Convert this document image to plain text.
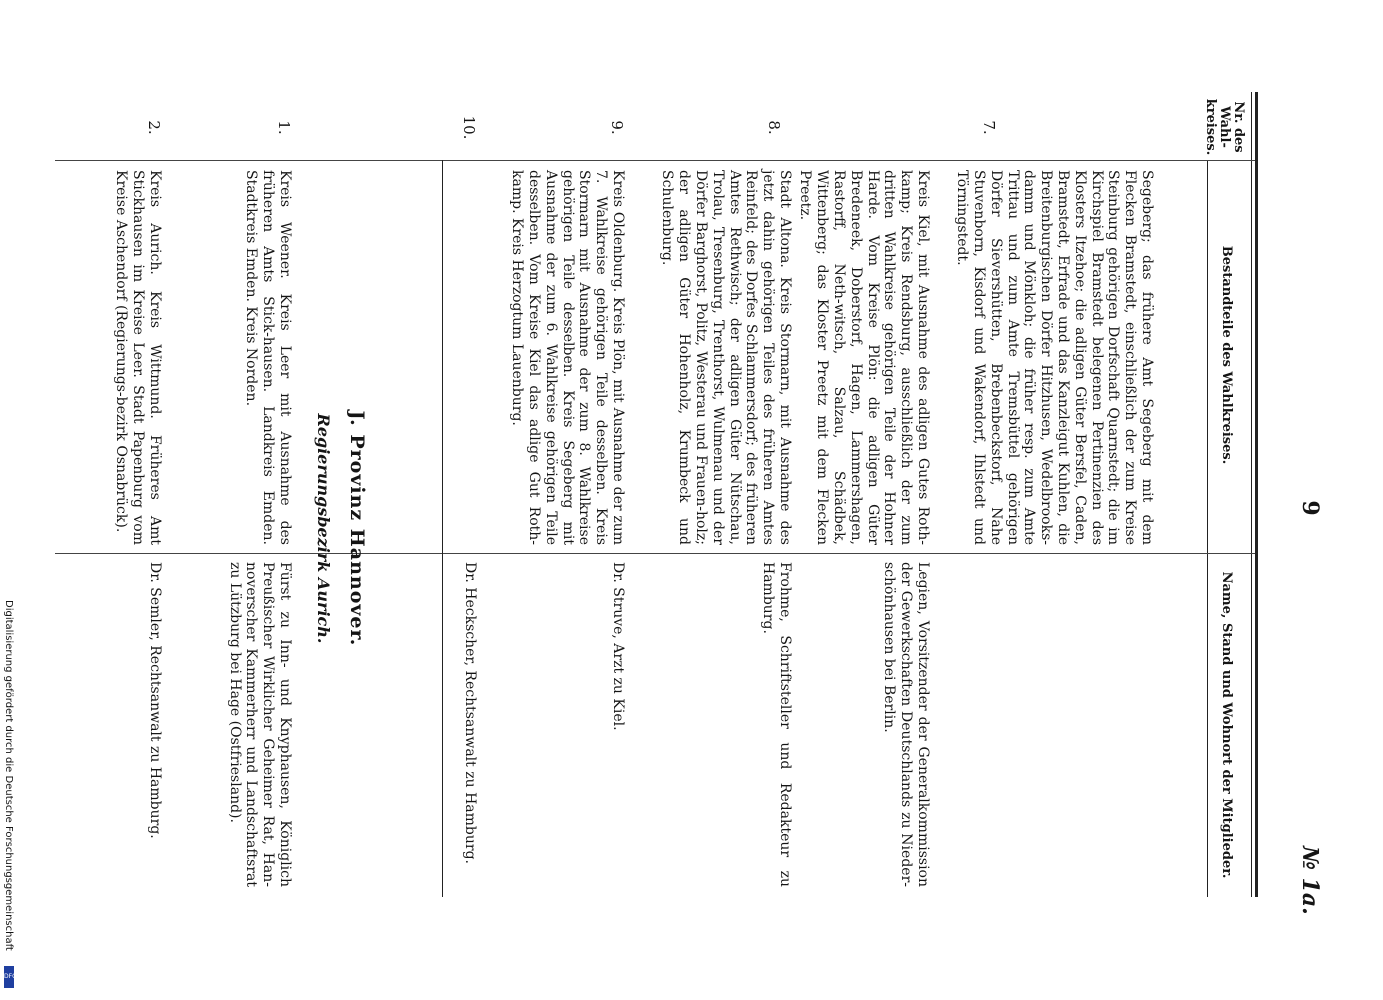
9
№ 1a.
Nr. des Wahl-kreises.
Bestandteile des Wahlkreises.
Name, Stand und Wohnort der Mitglieder.
7.
Segeberg; das frühere Amt Segeberg mit dem Flecken Bramstedt, einschließlich der zum Kreise Steinburg gehörigen Dorfschaft Quarnstedt; die im Kirchspiel Bramstedt belegenen Pertinenzien des Klosters Itzehoe; die adligen Güter Bersfel, Caden, Bramstedt, Erfrade und das Kanzleigut Kuhlen, die Breitenburgischen Dörfer Hitzhusen, Wedelbrooks-damm und Mönkloh; die früher resp. zum Amte Trittau und zum Amte Tremsbüttel gehörigen Dörfer Sievershütten, Brebenbeckstorf, Nahe Stuvenborn, Kisdorf und Wakendorf, Ihlstedt und Törningstedt.
Legien, Vorsitzender der Generalkommission der Gewerkschaften Deutschlands zu Nieder-schönhausen bei Berlin.
8.
Kreis Kiel, mit Ausnahme des adligen Gutes Roth-kamp; Kreis Rendsburg, ausschließlich der zum dritten Wahlkreise gehörigen Teile der Hohner Harde. Vom Kreise Plön: die adligen Güter Bredeneek, Doberstorf, Hagen, Lammershagen, Rastorff, Neth-witsch, Salzau, Schädbek, Wittenberg; das Kloster Preetz mit dem Flecken Preetz.
Frohme, Schriftsteller und Redakteur zu Hamburg.
9.
Stadt Altona. Kreis Stormarn, mit Ausnahme des jetzt dahin gehörigen Teiles des früheren Amtes Reinfeld; des Dorfes Schlammersdorf; des früheren Amtes Rethwisch; der adligen Güter Nütschau, Trolau, Tresenburg, Trenthorst, Wulmenau und der Dörfer Barghorst, Politz, Westerau und Frauen-holz; der adligen Güter Hohenholz, Krumbeck und Schulenburg.
Dr. Struve, Arzt zu Kiel.
10.
Kreis Oldenburg. Kreis Plön, mit Ausnahme der zum 7. Wahlkreise gehörigen Teile desselben. Kreis Stormarn mit Ausnahme der zum 8. Wahlkreise gehörigen Teile desselben. Kreis Segeberg mit Ausnahme der zum 6. Wahlkreise gehörigen Teile desselben. Vom Kreise Kiel das adlige Gut Roth-kamp. Kreis Herzogtum Lauenburg.
Dr. Heckscher, Rechtsanwalt zu Hamburg.
J. Provinz Hannover.
Regierungsbezirk Aurich.
1.
Kreis Weener. Kreis Leer mit Ausnahme des früheren Amts Stick-hausen. Landkreis Emden. Stadtkreis Emden. Kreis Norden.
Fürst zu Inn- und Knyphausen, Königlich Preußischer Wirklicher Geheimer Rat, Han-noverscher Kammerherr und Landschaftsrat zu Lützburg bei Hage (Ostfriesland).
2.
Kreis Aurich. Kreis Wittmund. Früheres Amt Stickhausen im Kreise Leer. Stadt Papenburg vom Kreise Aschendorf (Regierungs-bezirk Osnabrück).
Dr. Semler, Rechtsanwalt zu Hamburg.
Digitalisierung gefördert durch die Deutsche Forschungsgemeinschaft
DFG
